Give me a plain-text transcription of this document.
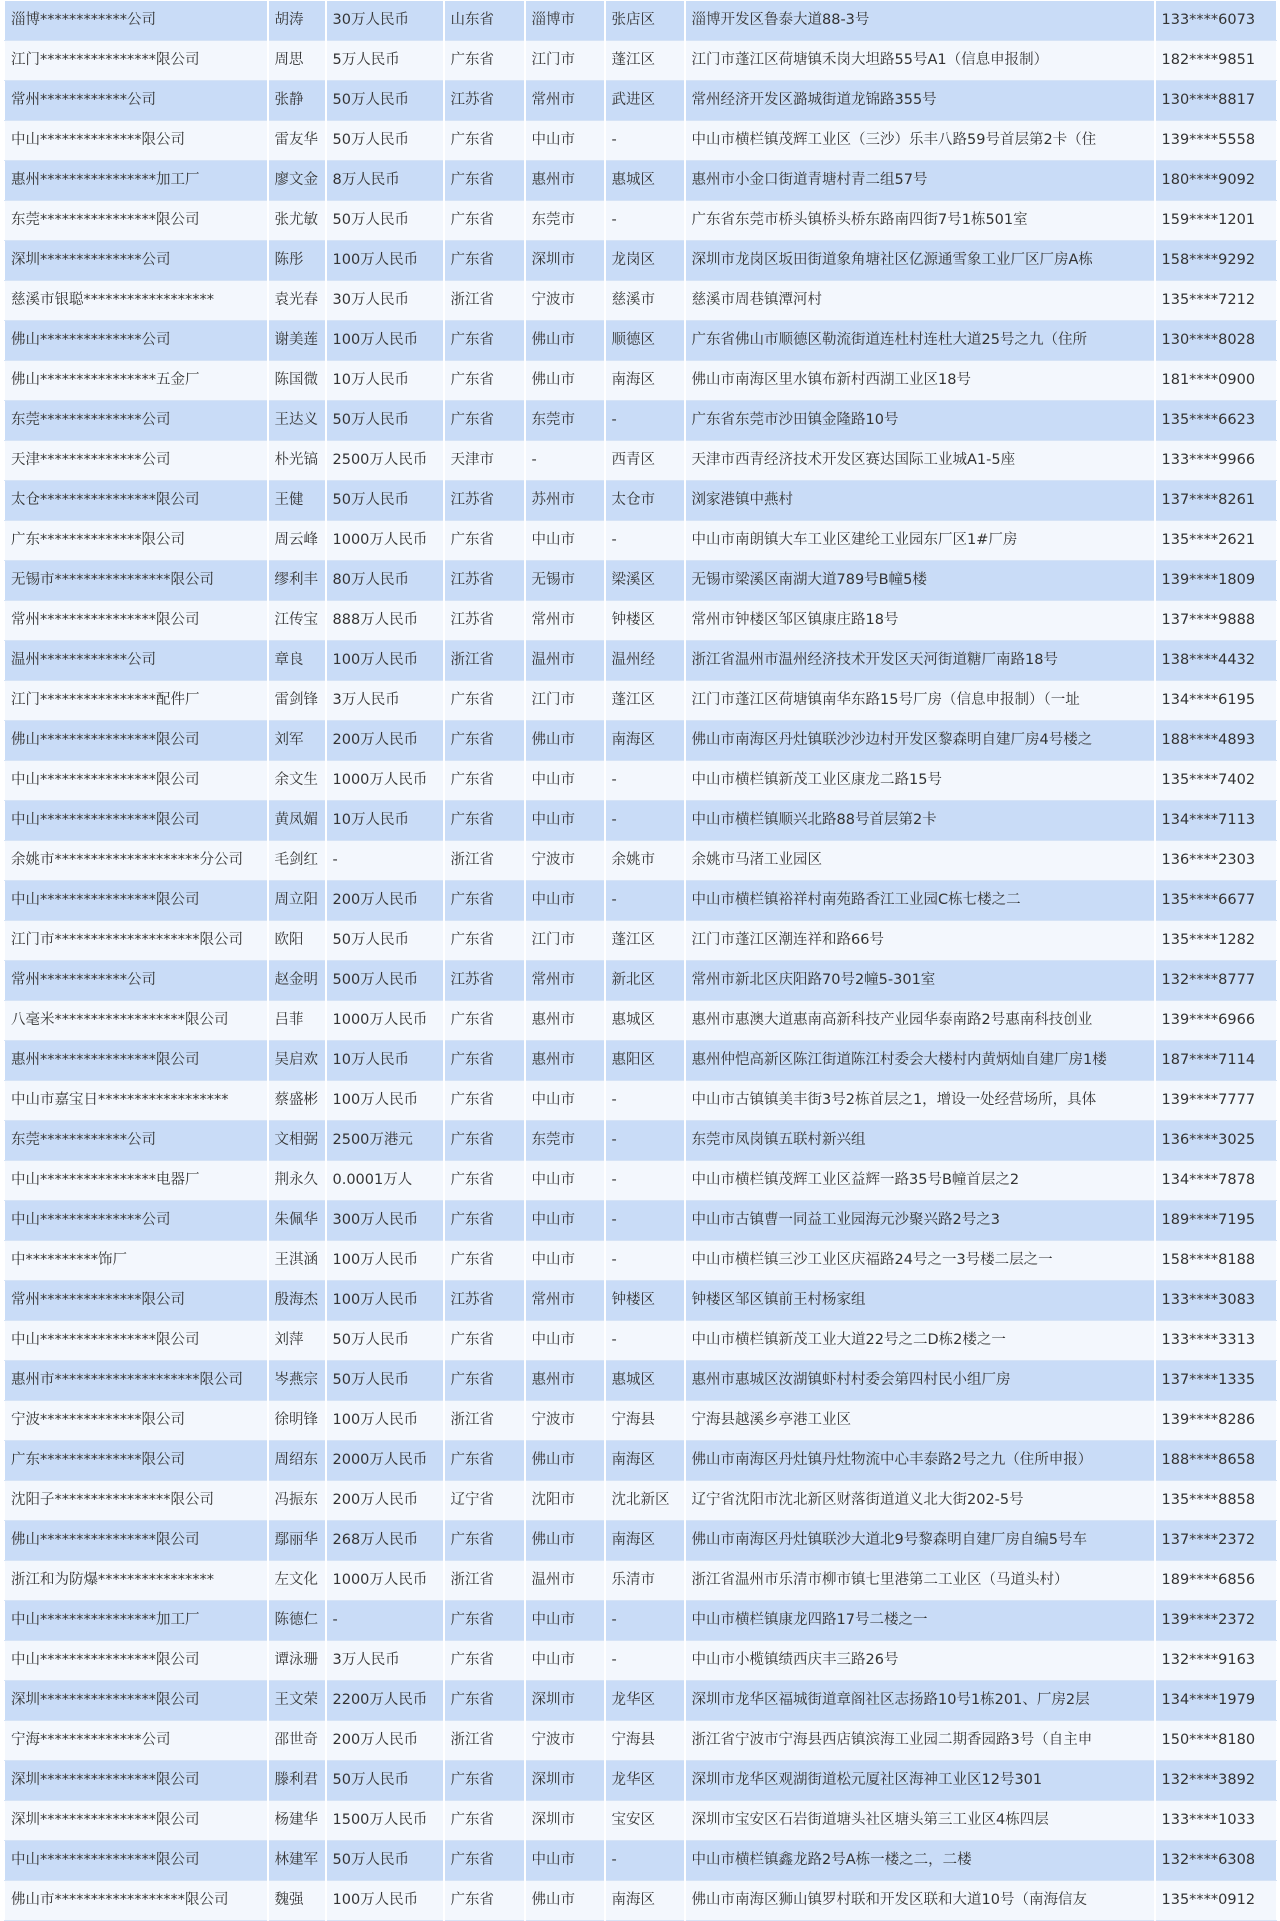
淄博************公司	胡涛	30万人民币	山东省	淄博市	张店区	淄博开发区鲁泰大道88-3号	133****6073
江门****************限公司	周思	5万人民币	广东省	江门市	蓬江区	江门市蓬江区荷塘镇禾岗大坦路55号A1（信息申报制）	182****9851
常州************公司	张静	50万人民币	江苏省	常州市	武进区	常州经济开发区潞城街道龙锦路355号	130****8817
中山**************限公司	雷友华	50万人民币	广东省	中山市	-	中山市横栏镇茂辉工业区（三沙）乐丰八路59号首层第2卡（住	139****5558
惠州****************加工厂	廖文金	8万人民币	广东省	惠州市	惠城区	惠州市小金口街道青塘村青二组57号	180****9092
东莞****************限公司	张尤敏	50万人民币	广东省	东莞市	-	广东省东莞市桥头镇桥头桥东路南四街7号1栋501室	159****1201
深圳**************公司	陈彤	100万人民币	广东省	深圳市	龙岗区	深圳市龙岗区坂田街道象角塘社区亿源通雪象工业厂区厂房A栋	158****9292
慈溪市银聪******************	袁光春	30万人民币	浙江省	宁波市	慈溪市	慈溪市周巷镇潭河村	135****7212
佛山**************公司	谢美莲	100万人民币	广东省	佛山市	顺德区	广东省佛山市顺德区勒流街道连杜村连杜大道25号之九（住所	130****8028
佛山****************五金厂	陈国微	10万人民币	广东省	佛山市	南海区	佛山市南海区里水镇布新村西湖工业区18号	181****0900
东莞**************公司	王达义	50万人民币	广东省	东莞市	-	广东省东莞市沙田镇金隆路10号	135****6623
天津**************公司	朴光镐	2500万人民币	天津市	-	西青区	天津市西青经济技术开发区赛达国际工业城A1-5座	133****9966
太仓****************限公司	王健	50万人民币	江苏省	苏州市	太仓市	浏家港镇中燕村	137****8261
广东**************限公司	周云峰	1000万人民币	广东省	中山市	-	中山市南朗镇大车工业区建纶工业园东厂区1#厂房	135****2621
无锡市****************限公司	缪利丰	80万人民币	江苏省	无锡市	梁溪区	无锡市梁溪区南湖大道789号B幢5楼	139****1809
常州****************限公司	江传宝	888万人民币	江苏省	常州市	钟楼区	常州市钟楼区邹区镇康庄路18号	137****9888
温州************公司	章良	100万人民币	浙江省	温州市	温州经	浙江省温州市温州经济技术开发区天河街道糖厂南路18号	138****4432
江门****************配件厂	雷剑锋	3万人民币	广东省	江门市	蓬江区	江门市蓬江区荷塘镇南华东路15号厂房（信息申报制）（一址	134****6195
佛山****************限公司	刘军	200万人民币	广东省	佛山市	南海区	佛山市南海区丹灶镇联沙沙边村开发区黎森明自建厂房4号楼之	188****4893
中山****************限公司	余文生	1000万人民币	广东省	中山市	-	中山市横栏镇新茂工业区康龙二路15号	135****7402
中山****************限公司	黄凤媚	10万人民币	广东省	中山市	-	中山市横栏镇顺兴北路88号首层第2卡	134****7113
余姚市********************分公司	毛剑红	-	浙江省	宁波市	余姚市	余姚市马渚工业园区	136****2303
中山****************限公司	周立阳	200万人民币	广东省	中山市	-	中山市横栏镇裕祥村南苑路香江工业园C栋七楼之二	135****6677
江门市********************限公司	欧阳	50万人民币	广东省	江门市	蓬江区	江门市蓬江区潮连祥和路66号	135****1282
常州************公司	赵金明	500万人民币	江苏省	常州市	新北区	常州市新北区庆阳路70号2幢5-301室	132****8777
八毫米******************限公司	吕菲	1000万人民币	广东省	惠州市	惠城区	惠州市惠澳大道惠南高新科技产业园华泰南路2号惠南科技创业	139****6966
惠州****************限公司	吴启欢	10万人民币	广东省	惠州市	惠阳区	惠州仲恺高新区陈江街道陈江村委会大楼村内黄炳灿自建厂房1楼	187****7114
中山市嘉宝日******************	蔡盛彬	100万人民币	广东省	中山市	-	中山市古镇镇美丰街3号2栋首层之1，增设一处经营场所，具体	139****7777
东莞************公司	文相弼	2500万港元	广东省	东莞市	-	东莞市凤岗镇五联村新兴组	136****3025
中山****************电器厂	荆永久	0.0001万人	广东省	中山市	-	中山市横栏镇茂辉工业区益辉一路35号B幢首层之2	134****7878
中山**************公司	朱佩华	300万人民币	广东省	中山市	-	中山市古镇曹一同益工业园海元沙聚兴路2号之3	189****7195
中**********饰厂	王淇涵	100万人民币	广东省	中山市	-	中山市横栏镇三沙工业区庆福路24号之一3号楼二层之一	158****8188
常州**************限公司	殷海杰	100万人民币	江苏省	常州市	钟楼区	钟楼区邹区镇前王村杨家组	133****3083
中山****************限公司	刘萍	50万人民币	广东省	中山市	-	中山市横栏镇新茂工业大道22号之二D栋2楼之一	133****3313
惠州市********************限公司	岑燕宗	50万人民币	广东省	惠州市	惠城区	惠州市惠城区汝湖镇虾村村委会第四村民小组厂房	137****1335
宁波**************限公司	徐明锋	100万人民币	浙江省	宁波市	宁海县	宁海县越溪乡亭港工业区	139****8286
广东**************限公司	周绍东	2000万人民币	广东省	佛山市	南海区	佛山市南海区丹灶镇丹灶物流中心丰泰路2号之九（住所申报）	188****8658
沈阳子****************限公司	冯振东	200万人民币	辽宁省	沈阳市	沈北新区	辽宁省沈阳市沈北新区财落街道道义北大街202-5号	135****8858
佛山****************限公司	鄢丽华	268万人民币	广东省	佛山市	南海区	佛山市南海区丹灶镇联沙大道北9号黎森明自建厂房自编5号车	137****2372
浙江和为防爆****************	左文化	1000万人民币	浙江省	温州市	乐清市	浙江省温州市乐清市柳市镇七里港第二工业区（马道头村）	189****6856
中山****************加工厂	陈德仁	-	广东省	中山市	-	中山市横栏镇康龙四路17号二楼之一	139****2372
中山****************限公司	谭泳珊	3万人民币	广东省	中山市	-	中山市小榄镇绩西庆丰三路26号	132****9163
深圳****************限公司	王文荣	2200万人民币	广东省	深圳市	龙华区	深圳市龙华区福城街道章阁社区志扬路10号1栋201、厂房2层	134****1979
宁海**************公司	邵世奇	200万人民币	浙江省	宁波市	宁海县	浙江省宁波市宁海县西店镇滨海工业园二期香园路3号（自主申	150****8180
深圳****************限公司	滕利君	50万人民币	广东省	深圳市	龙华区	深圳市龙华区观湖街道松元厦社区海神工业区12号301	132****3892
深圳****************限公司	杨建华	1500万人民币	广东省	深圳市	宝安区	深圳市宝安区石岩街道塘头社区塘头第三工业区4栋四层	133****1033
中山****************限公司	林建军	50万人民币	广东省	中山市	-	中山市横栏镇鑫龙路2号A栋一楼之二，二楼	132****6308
佛山市******************限公司	魏强	100万人民币	广东省	佛山市	南海区	佛山市南海区狮山镇罗村联和开发区联和大道10号（南海信友	135****0912
